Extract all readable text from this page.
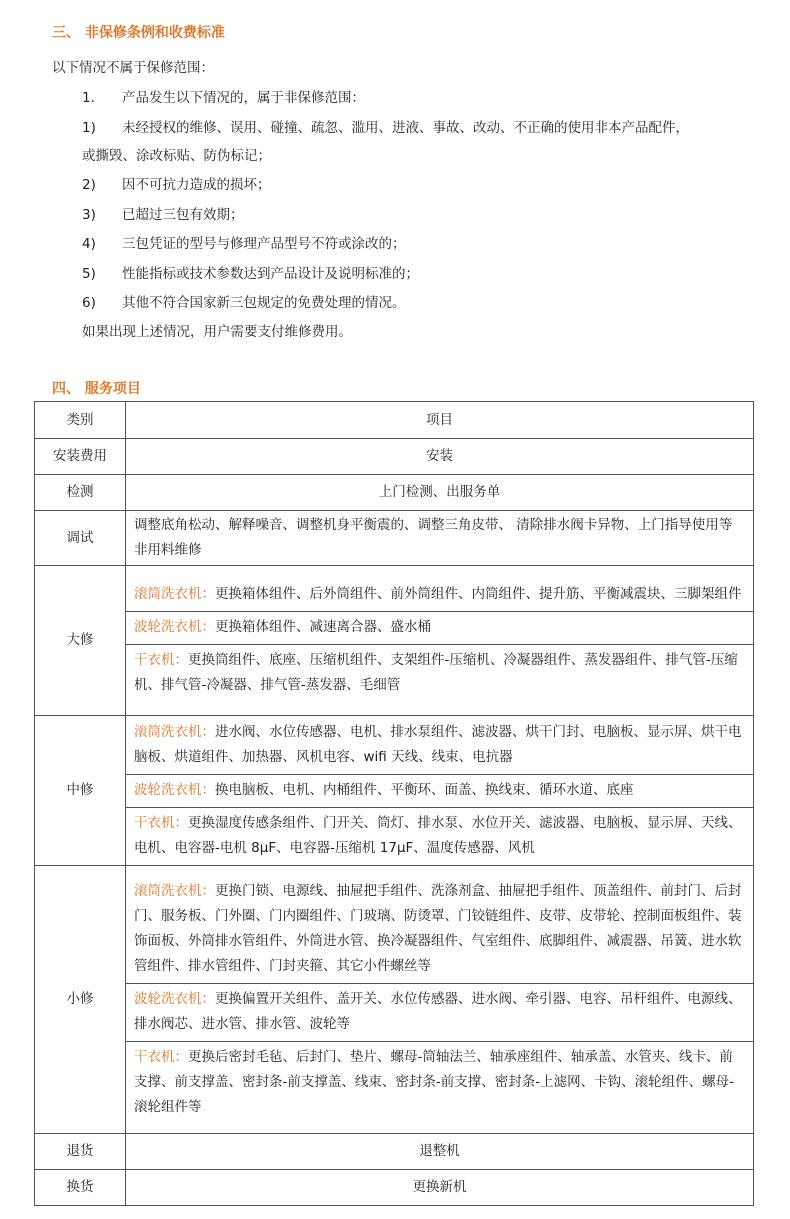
三、 非保修条例和收费标准
以下情况不属于保修范围：
1. 产品发生以下情况的，属于非保修范围：
1) 未经授权的维修、误用、碰撞、疏忽、滥用、进液、事故、改动、不正确的使用非本产品配件，
或撕毁、涂改标贴、防伪标记；
2) 因不可抗力造成的损坏；
3) 已超过三包有效期；
4) 三包凭证的型号与修理产品型号不符或涂改的；
5) 性能指标或技术参数达到产品设计及说明标准的；
6) 其他不符合国家新三包规定的免费处理的情况。
如果出现上述情况，用户需要支付维修费用。
四、 服务项目
类别	项目
安装费用	安装
检测	上门检测、出服务单
调试	调整底角松动、解释噪音、调整机身平衡震的、调整三角皮带、 清除排水阀卡异物、上门指导使用等非用料维修
大修	滚筒洗衣机：更换箱体组件、后外筒组件、前外筒组件、内筒组件、提升筋、平衡减震块、三脚架组件
波轮洗衣机：更换箱体组件、减速离合器、盛水桶
干衣机：更换筒组件、底座、压缩机组件、支架组件-压缩机、冷凝器组件、蒸发器组件、排气管-压缩机、排气管-冷凝器、排气管-蒸发器、毛细管

中修	滚筒洗衣机：进水阀、水位传感器、电机、排水泵组件、滤波器、烘干门封、电脑板、显示屏、烘干电脑板、烘道组件、加热器、风机电容、wifi 天线、线束、电抗器
波轮洗衣机：换电脑板、电机、内桶组件、平衡环、面盖、换线束、循环水道、底座
干衣机：更换湿度传感条组件、门开关、筒灯、排水泵、水位开关、滤波器、电脑板、显示屏、天线、电机、电容器-电机 8μF、电容器-压缩机 17μF、温度传感器、风机

小修	滚筒洗衣机：更换门锁、电源线、抽屉把手组件、洗涤剂盒、抽屉把手组件、顶盖组件、前封门、后封门、服务板、门外圈、门内圈组件、门玻璃、防烫罩、门铰链组件、皮带、皮带轮、控制面板组件、装饰面板、外筒排水管组件、外筒进水管、换冷凝器组件、气室组件、底脚组件、减震器、吊簧、进水软管组件、排水管组件、门封夹箍、其它小件螺丝等
波轮洗衣机：更换偏置开关组件、盖开关、水位传感器、进水阀、牵引器、电容、吊杆组件、电源线、排水阀芯、进水管、排水管、波轮等
干衣机：更换后密封毛毡、后封门、垫片、螺母-筒轴法兰、轴承座组件、轴承盖、水管夹、线卡、前支撑、前支撑盖、密封条-前支撑盖、线束、密封条-前支撑、密封条-上滤网、卡钩、滚轮组件、螺母-滚轮组件等

退货	退整机
换货	更换新机
